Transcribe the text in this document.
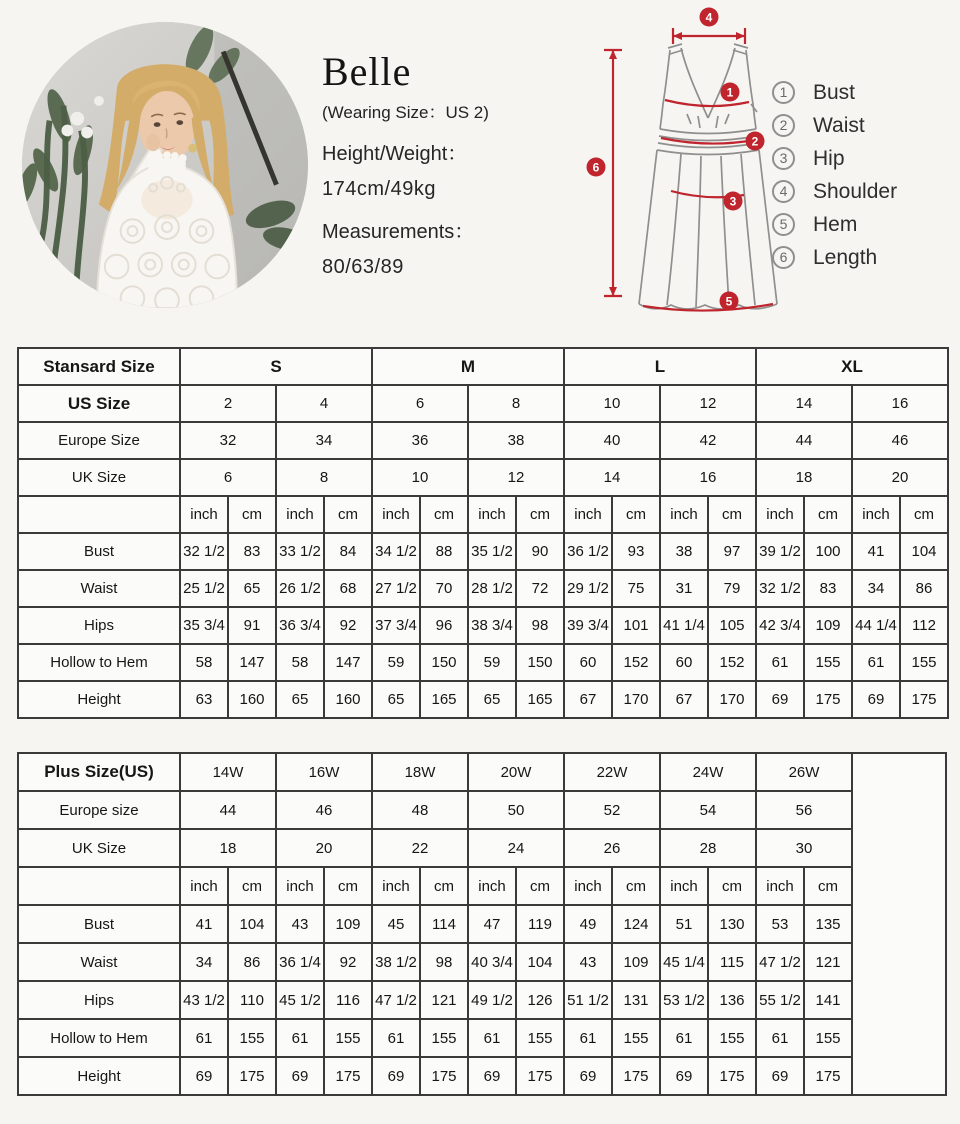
Belle
(Wearing Size：US 2)
Height/Weight：
174cm/49kg
Measurements：
80/63/89
4
1
2
3
5
6
1	Bust
2	Waist
3	Hip
4	Shoulder
5	Hem
6	Length
Stansard Size	S				M				L				XL			
US Size	2		4		6		8		10		12		14		16	
Europe Size	32		34		36		38		40		42		44		46	
UK Size	6		8		10		12		14		16		18		20	
	inch	cm	inch	cm	inch	cm	inch	cm	inch	cm	inch	cm	inch	cm	inch	cm
Bust	32 1/2	83	33 1/2	84	34 1/2	88	35 1/2	90	36 1/2	93	38	97	39 1/2	100	41	104
Waist	25 1/2	65	26 1/2	68	27 1/2	70	28 1/2	72	29 1/2	75	31	79	32 1/2	83	34	86
Hips	35 3/4	91	36 3/4	92	37 3/4	96	38 3/4	98	39 3/4	101	41 1/4	105	42 3/4	109	44 1/4	112
Hollow to Hem	58	147	58	147	59	150	59	150	60	152	60	152	61	155	61	155
Height	63	160	65	160	65	165	65	165	67	170	67	170	69	175	69	175
Plus Size(US)	14W		16W		18W		20W		22W		24W		26W		
Europe size	44		46		48		50		52		54		56		
UK Size	18		20		22		24		26		28		30		
	inch	cm	inch	cm	inch	cm	inch	cm	inch	cm	inch	cm	inch	cm	
Bust	41	104	43	109	45	114	47	119	49	124	51	130	53	135	
Waist	34	86	36 1/4	92	38 1/2	98	40 3/4	104	43	109	45 1/4	115	47 1/2	121	
Hips	43 1/2	110	45 1/2	116	47 1/2	121	49 1/2	126	51 1/2	131	53 1/2	136	55 1/2	141	
Hollow to Hem	61	155	61	155	61	155	61	155	61	155	61	155	61	155	
Height	69	175	69	175	69	175	69	175	69	175	69	175	69	175	
